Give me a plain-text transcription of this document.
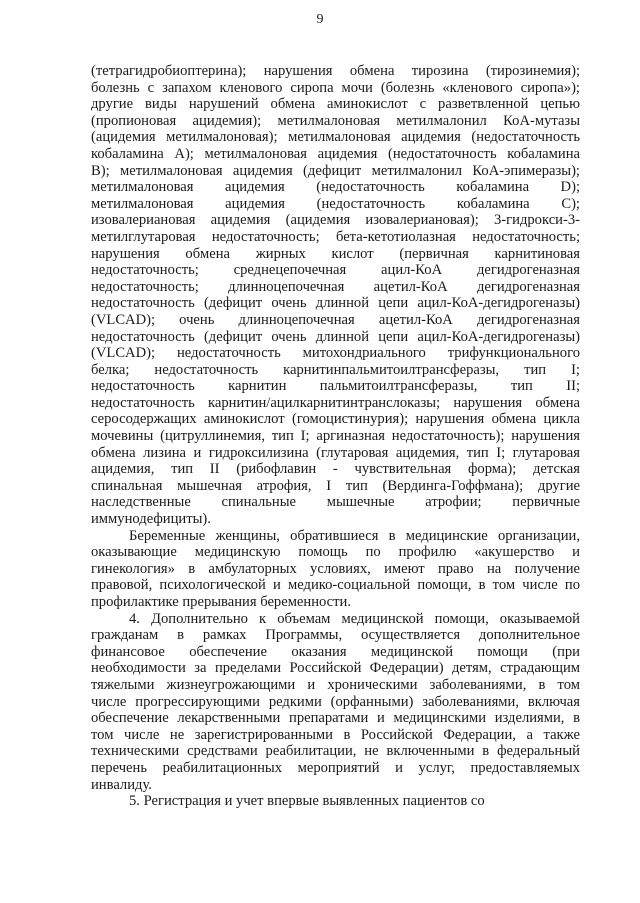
9
(тетрагидробиоптерина); нарушения обмена тирозина (тирозинемия);
болезнь с запахом кленового сиропа мочи (болезнь «кленового сиропа»);
другие виды нарушений обмена аминокислот с разветвленной цепью
(пропионовая ацидемия); метилмалоновая метилмалонил КоА-мутазы
(ацидемия метилмалоновая); метилмалоновая ацидемия (недостаточность
кобаламина А); метилмалоновая ацидемия (недостаточность кобаламина
В); метилмалоновая ацидемия (дефицит метилмалонил КоА-эпимеразы);
метилмалоновая ацидемия (недостаточность кобаламина D);
метилмалоновая ацидемия (недостаточность кобаламина С);
изовалериановая ацидемия (ацидемия изовалериановая); 3-гидрокси-3-
метилглутаровая недостаточность; бета-кетотиолазная недостаточность;
нарушения обмена жирных кислот (первичная карнитиновая
недостаточность; среднецепочечная ацил-КоА дегидрогеназная
недостаточность; длинноцепочечная ацетил-КоА дегидрогеназная
недостаточность (дефицит очень длинной цепи ацил-КоА-дегидрогеназы)
(VLCAD); очень длинноцепочечная ацетил-КоА дегидрогеназная
недостаточность (дефицит очень длинной цепи ацил-КоА-дегидрогеназы)
(VLCAD); недостаточность митохондриального трифункционального
белка; недостаточность карнитинпальмитоилтрансферазы, тип I;
недостаточность карнитин пальмитоилтрансферазы, тип II;
недостаточность карнитин/ацилкарнитинтранслоказы; нарушения обмена
серосодержащих аминокислот (гомоцистинурия); нарушения обмена цикла
мочевины (цитруллинемия, тип I; аргиназная недостаточность); нарушения
обмена лизина и гидроксилизина (глутаровая ацидемия, тип I; глутаровая
ацидемия, тип II (рибофлавин - чувствительная форма); детская
спинальная мышечная атрофия, I тип (Вердинга-Гоффмана); другие
наследственные спинальные мышечные атрофии; первичные
иммунодефициты).
Беременные женщины, обратившиеся в медицинские организации,
оказывающие медицинскую помощь по профилю «акушерство и
гинекология» в амбулаторных условиях, имеют право на получение
правовой, психологической и медико-социальной помощи, в том числе по
профилактике прерывания беременности.
4. Дополнительно к объемам медицинской помощи, оказываемой
гражданам в рамках Программы, осуществляется дополнительное
финансовое обеспечение оказания медицинской помощи (при
необходимости за пределами Российской Федерации) детям, страдающим
тяжелыми жизнеугрожающими и хроническими заболеваниями, в том
числе прогрессирующими редкими (орфанными) заболеваниями, включая
обеспечение лекарственными препаратами и медицинскими изделиями, в
том числе не зарегистрированными в Российской Федерации, а также
техническими средствами реабилитации, не включенными в федеральный
перечень реабилитационных мероприятий и услуг, предоставляемых
инвалиду.
5. Регистрация и учет впервые выявленных пациентов со
